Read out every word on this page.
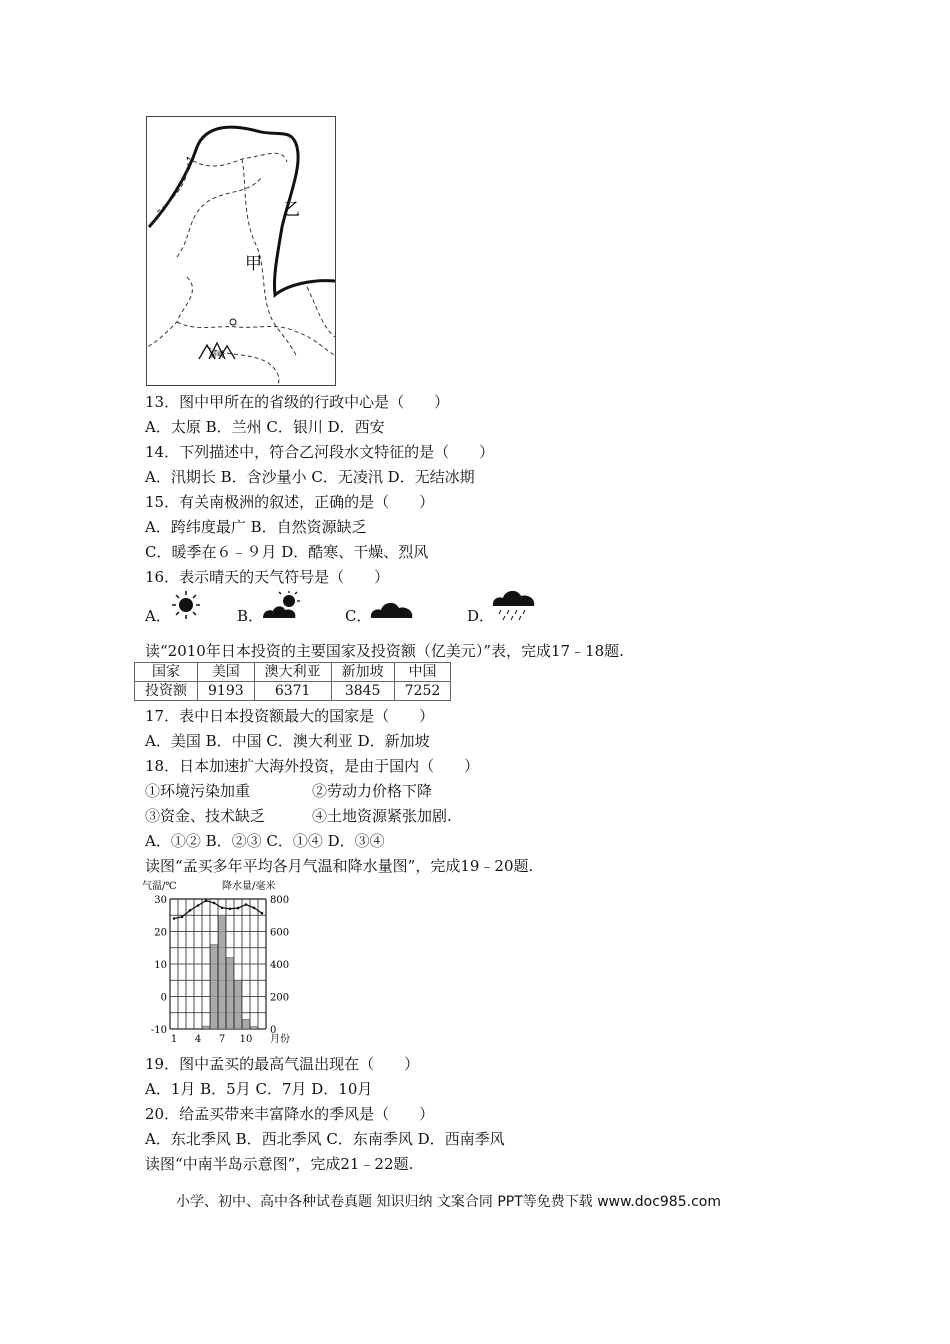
乙
甲
秦岭
13．图中甲所在的省级的行政中心是（　　）
A．太原 B．兰州 C．银川 D．西安
14．下列描述中，符合乙河段水文特征的是（　　）
A．汛期长 B．含沙量小 C．无凌汛 D．无结冰期
15．有关南极洲的叙述，正确的是（　　）
A．跨纬度最广 B．自然资源缺乏
C．暖季在６﹣９月 D．酷寒、干燥、烈风
16．表示晴天的天气符号是（　　）
A．	B．	C．	D．
读“2010年日本投资的主要国家及投资额（亿美元）”表，完成17﹣18题.
国家	美国	澳大利亚	新加坡	中国
投资额	9193	6371	3845	7252
17．表中日本投资额最大的国家是（　　）
A．美国 B．中国 C．澳大利亚 D．新加坡
18．日本加速扩大海外投资，是由于国内（　　）
①环境污染加重	②劳动力价格下降
③资金、技术缺乏	④土地资源紧张加剧.
A．①② B．②③ C．①④ D．③④
读图“孟买多年平均各月气温和降水量图”，完成19﹣20题.
气温/℃	降水量/毫米
30
20
10
0
-10
800
600
400
200
0
1 4 7 10 月份
19．图中孟买的最高气温出现在（　　）
A．1月 B．5月 C．7月 D．10月
20．给孟买带来丰富降水的季风是（　　）
A．东北季风 B．西北季风 C．东南季风 D．西南季风
读图“中南半岛示意图”，完成21﹣22题.
小学、初中、高中各种试卷真题 知识归纳 文案合同 PPT等免费下载 www.doc985.com
